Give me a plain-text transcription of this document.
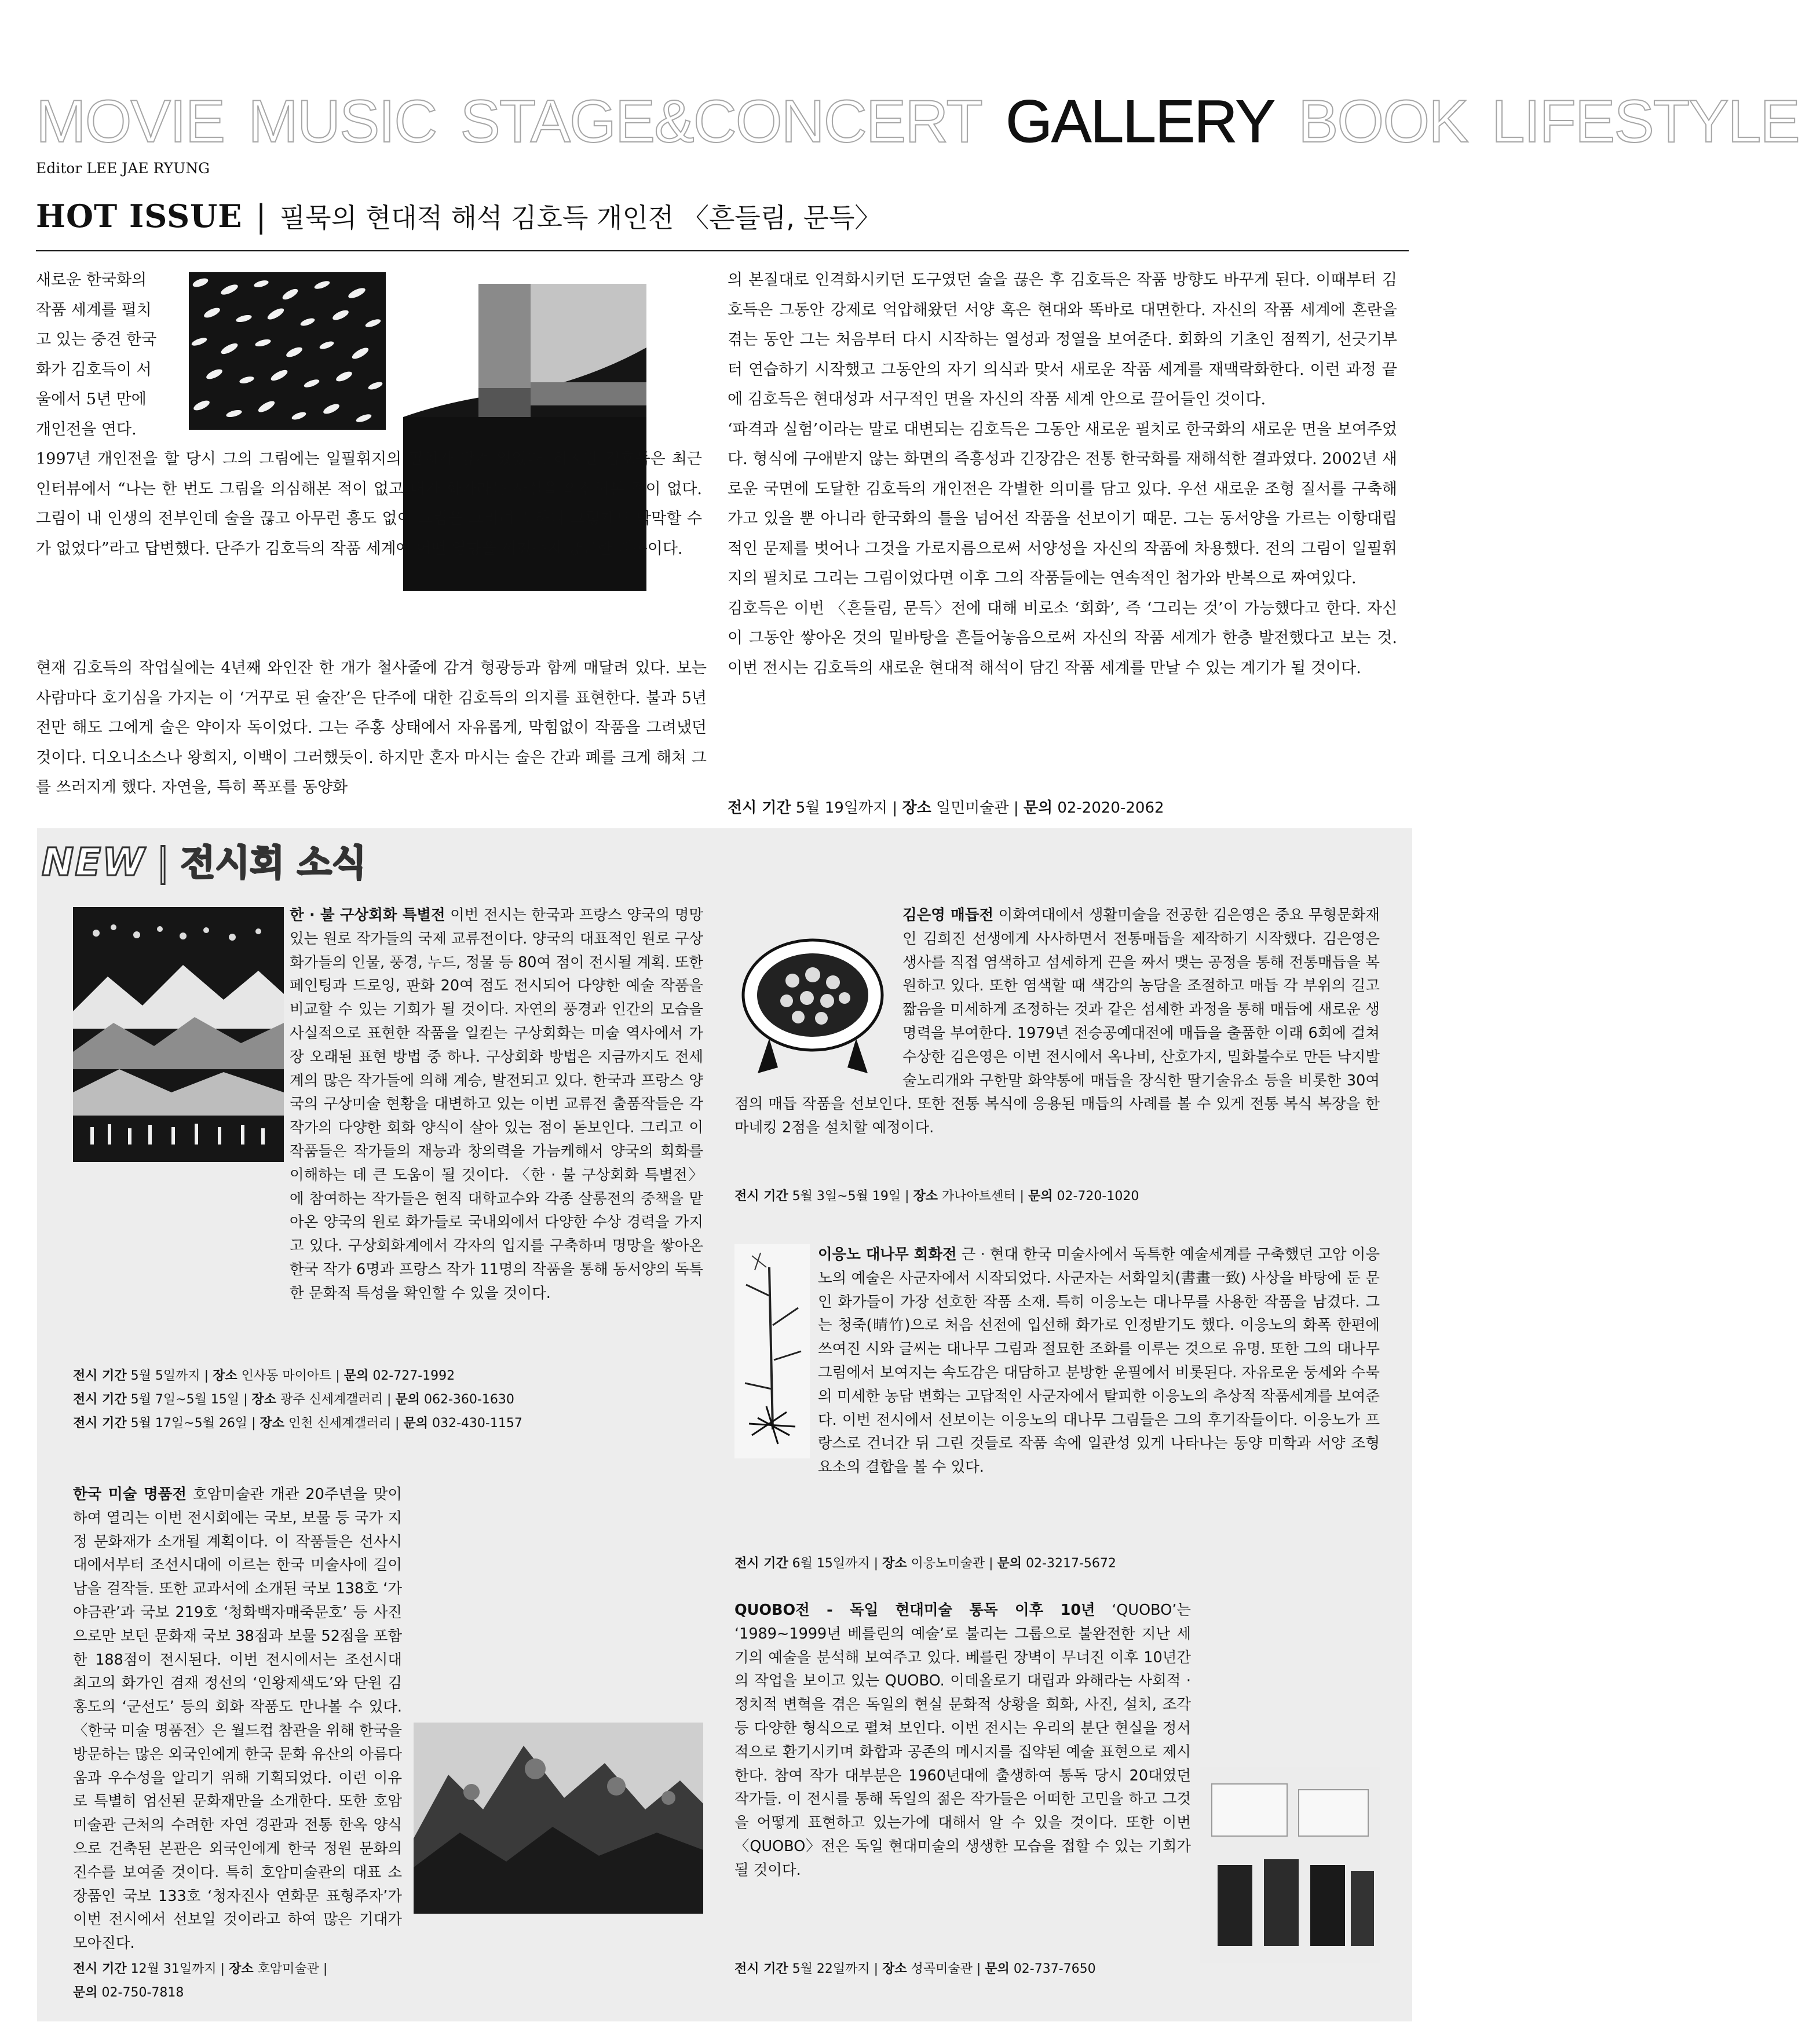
MOVIE MUSIC STAGE&CONCERT GALLERY BOOK LIFESTYLE
Editor LEE JAE RYUNG
HOT ISSUE | 필묵의 현대적 해석 김호득 개인전 〈흔들림, 문득〉
새로운 한국화의
작품 세계를 펼치
고 있는 중견 한국
화가 김호득이 서
울에서 5년 만에
개인전을 연다.

1997년 개인전을 할 당시 그의 그림에는 일필휘지의 필치가 담겨 있었다. 하지만 김호득은 최근 인터뷰에서 “나는 한 번도 그림을 의심해본 적이 없고 내가 화가라는 사실을 의심해본 적이 없다. 그림이 내 인생의 전부인데 술을 끊고 아무런 흥도 없이 그림을 그리려고 하니 그렇게도 막막할 수가 없었다”라고 답변했다. 단주가 김호득의 작품 세계에 어떤 영향을 끼쳤는지 궁금한 대목이다.

현재 김호득의 작업실에는 4년째 와인잔 한 개가 철사줄에 감겨 형광등과 함께 매달려 있다. 보는 사람마다 호기심을 가지는 이 ‘거꾸로 된 술잔’은 단주에 대한 김호득의 의지를 표현한다. 불과 5년 전만 해도 그에게 술은 약이자 독이었다. 그는 주홍 상태에서 자유롭게, 막힘없이 작품을 그려냈던 것이다. 디오니소스나 왕희지, 이백이 그러했듯이. 하지만 혼자 마시는 술은 간과 폐를 크게 해쳐 그를 쓰러지게 했다. 자연을, 특히 폭포를 동양화

의 본질대로 인격화시키던 도구였던 술을 끊은 후 김호득은 작품 방향도 바꾸게 된다. 이때부터 김호득은 그동안 강제로 억압해왔던 서양 혹은 현대와 똑바로 대면한다. 자신의 작품 세계에 혼란을 겪는 동안 그는 처음부터 다시 시작하는 열성과 정열을 보여준다. 회화의 기초인 점찍기, 선긋기부터 연습하기 시작했고 그동안의 자기 의식과 맞서 새로운 작품 세계를 재맥락화한다. 이런 과정 끝에 김호득은 현대성과 서구적인 면을 자신의 작품 세계 안으로 끌어들인 것이다.

‘파격과 실험’이라는 말로 대변되는 김호득은 그동안 새로운 필치로 한국화의 새로운 면을 보여주었다. 형식에 구애받지 않는 화면의 즉흥성과 긴장감은 전통 한국화를 재해석한 결과였다. 2002년 새로운 국면에 도달한 김호득의 개인전은 각별한 의미를 담고 있다. 우선 새로운 조형 질서를 구축해가고 있을 뿐 아니라 한국화의 틀을 넘어선 작품을 선보이기 때문. 그는 동서양을 가르는 이항대립적인 문제를 벗어나 그것을 가로지름으로써 서양성을 자신의 작품에 차용했다. 전의 그림이 일필휘지의 필치로 그리는 그림이었다면 이후 그의 작품들에는 연속적인 첨가와 반복으로 짜여있다.

김호득은 이번 〈흔들림, 문득〉전에 대해 비로소 ‘회화’, 즉 ‘그리는 것’이 가능했다고 한다. 자신이 그동안 쌓아온 것의 밑바탕을 흔들어놓음으로써 자신의 작품 세계가 한층 발전했다고 보는 것. 이번 전시는 김호득의 새로운 현대적 해석이 담긴 작품 세계를 만날 수 있는 계기가 될 것이다.

전시 기간 5월 19일까지 | 장소 일민미술관 | 문의 02-2020-2062
NEW | 전시회 소식
한 · 불 구상회화 특별전 이번 전시는 한국과 프랑스 양국의 명망 있는 원로 작가들의 국제 교류전이다. 양국의 대표적인 원로 구상화가들의 인물, 풍경, 누드, 정물 등 80여 점이 전시될 계획. 또한 페인팅과 드로잉, 판화 20여 점도 전시되어 다양한 예술 작품을 비교할 수 있는 기회가 될 것이다. 자연의 풍경과 인간의 모습을 사실적으로 표현한 작품을 일컫는 구상회화는 미술 역사에서 가장 오래된 표현 방법 중 하나. 구상회화 방법은 지금까지도 전세계의 많은 작가들에 의해 계승, 발전되고 있다. 한국과 프랑스 양국의 구상미술 현황을 대변하고 있는 이번 교류전 출품작들은 각 작가의 다양한 회화 양식이 살아 있는 점이 돋보인다. 그리고 이 작품들은 작가들의 재능과 창의력을 가늠케해서 양국의 회화를 이해하는 데 큰 도움이 될 것이다. 〈한 · 불 구상회화 특별전〉에 참여하는 작가들은 현직 대학교수와 각종 살롱전의 중책을 맡아온 양국의 원로 화가들로 국내외에서 다양한 수상 경력을 가지고 있다. 구상회화계에서 각자의 입지를 구축하며 명망을 쌓아온 한국 작가 6명과 프랑스 작가 11명의 작품을 통해 동서양의 독특한 문화적 특성을 확인할 수 있을 것이다.
전시 기간 5월 5일까지 | 장소 인사동 마이아트 | 문의 02-727-1992
전시 기간 5월 7일~5월 15일 | 장소 광주 신세계갤러리 | 문의 062-360-1630
전시 기간 5월 17일~5월 26일 | 장소 인천 신세계갤러리 | 문의 032-430-1157
한국 미술 명품전 호암미술관 개관 20주년을 맞이하여 열리는 이번 전시회에는 국보, 보물 등 국가 지정 문화재가 소개될 계획이다. 이 작품들은 선사시대에서부터 조선시대에 이르는 한국 미술사에 길이 남을 걸작들. 또한 교과서에 소개된 국보 138호 ‘가야금관’과 국보 219호 ‘청화백자매죽문호’ 등 사진으로만 보던 문화재 국보 38점과 보물 52점을 포함한 188점이 전시된다. 이번 전시에서는 조선시대 최고의 화가인 겸재 정선의 ‘인왕제색도’와 단원 김홍도의 ‘군선도’ 등의 회화 작품도 만나볼 수 있다. 〈한국 미술 명품전〉은 월드컵 참관을 위해 한국을 방문하는 많은 외국인에게 한국 문화 유산의 아름다움과 우수성을 알리기 위해 기획되었다. 이런 이유로 특별히 엄선된 문화재만을 소개한다. 또한 호암미술관 근처의 수려한 자연 경관과 전통 한옥 양식으로 건축된 본관은 외국인에게 한국 정원 문화의 진수를 보여줄 것이다. 특히 호암미술관의 대표 소장품인 국보 133호 ‘청자진사 연화문 표형주자’가 이번 전시에서 선보일 것이라고 하여 많은 기대가 모아진다.
전시 기간 12월 31일까지 | 장소 호암미술관 |
문의 02-750-7818
김은영 매듭전 이화여대에서 생활미술을 전공한 김은영은 중요 무형문화재인 김희진 선생에게 사사하면서 전통매듭을 제작하기 시작했다. 김은영은 생사를 직접 염색하고 섬세하게 끈을 짜서 맺는 공정을 통해 전통매듭을 복원하고 있다. 또한 염색할 때 색감의 농담을 조절하고 매듭 각 부위의 길고 짧음을 미세하게 조정하는 것과 같은 섬세한 과정을 통해 매듭에 새로운 생명력을 부여한다. 1979년 전승공예대전에 매듭을 출품한 이래 6회에 걸쳐 수상한 김은영은 이번 전시에서 옥나비, 산호가지, 밀화불수로 만든 낙지발술노리개와 구한말 화약통에 매듭을 장식한 딸기술유소 등을 비롯한 30여 점의 매듭 작품을 선보인다. 또한 전통 복식에 응용된 매듭의 사례를 볼 수 있게 전통 복식 복장을 한 마네킹 2점을 설치할 예정이다.
전시 기간 5월 3일~5월 19일 | 장소 가나아트센터 | 문의 02-720-1020
이응노 대나무 회화전 근 · 현대 한국 미술사에서 독특한 예술세계를 구축했던 고암 이응노의 예술은 사군자에서 시작되었다. 사군자는 서화일치(書畫一致) 사상을 바탕에 둔 문인 화가들이 가장 선호한 작품 소재. 특히 이응노는 대나무를 사용한 작품을 남겼다. 그는 청죽(晴竹)으로 처음 선전에 입선해 화가로 인정받기도 했다. 이응노의 화폭 한편에 쓰여진 시와 글씨는 대나무 그림과 절묘한 조화를 이루는 것으로 유명. 또한 그의 대나무 그림에서 보여지는 속도감은 대담하고 분방한 운필에서 비롯된다. 자유로운 둥세와 수묵의 미세한 농담 변화는 고답적인 사군자에서 탈피한 이응노의 추상적 작품세계를 보여준다. 이번 전시에서 선보이는 이응노의 대나무 그림들은 그의 후기작들이다. 이응노가 프랑스로 건너간 뒤 그린 것들로 작품 속에 일관성 있게 나타나는 동양 미학과 서양 조형 요소의 결합을 볼 수 있다.
전시 기간 6월 15일까지 | 장소 이응노미술관 | 문의 02-3217-5672
QUOBO전 - 독일 현대미술 통독 이후 10년 ‘QUOBO’는 ‘1989~1999년 베를린의 예술’로 불리는 그룹으로 불완전한 지난 세기의 예술을 분석해 보여주고 있다. 베를린 장벽이 무너진 이후 10년간의 작업을 보이고 있는 QUOBO. 이데올로기 대립과 와해라는 사회적 · 정치적 변혁을 겪은 독일의 현실 문화적 상황을 회화, 사진, 설치, 조각 등 다양한 형식으로 펼쳐 보인다. 이번 전시는 우리의 분단 현실을 정서적으로 환기시키며 화합과 공존의 메시지를 집약된 예술 표현으로 제시한다. 참여 작가 대부분은 1960년대에 출생하여 통독 당시 20대였던 작가들. 이 전시를 통해 독일의 젊은 작가들은 어떠한 고민을 하고 그것을 어떻게 표현하고 있는가에 대해서 알 수 있을 것이다. 또한 이번 〈QUOBO〉전은 독일 현대미술의 생생한 모습을 접할 수 있는 기회가 될 것이다.
전시 기간 5월 22일까지 | 장소 성곡미술관 | 문의 02-737-7650
